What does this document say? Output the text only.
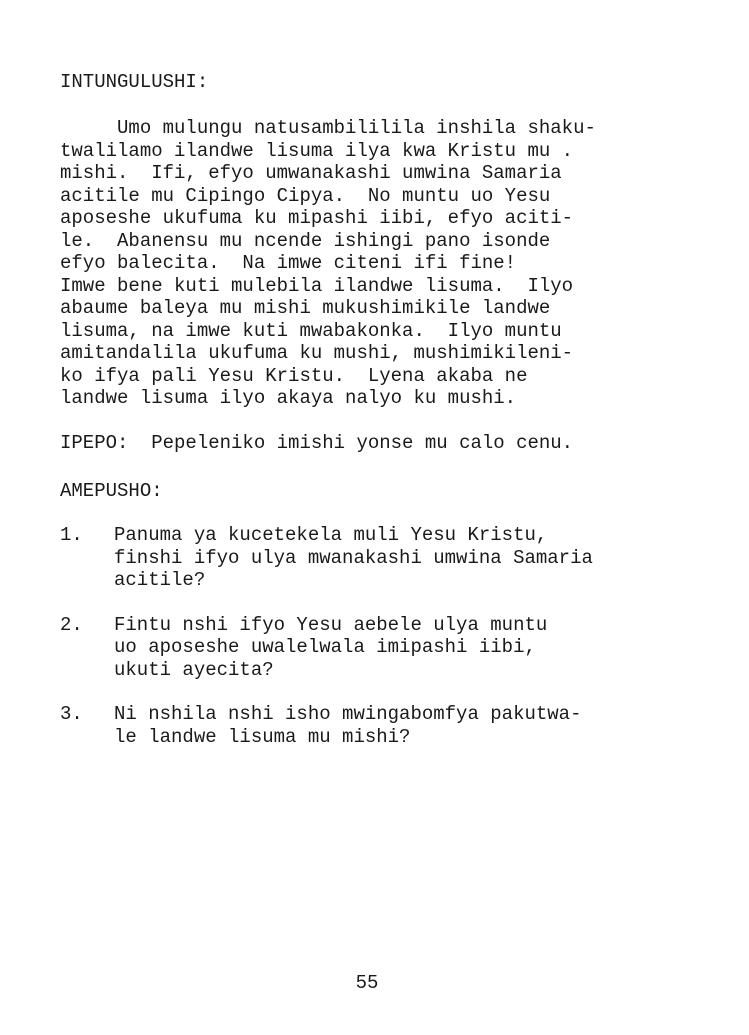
INTUNGULUSHI:
Umo mulungu natusambililila inshila shaku-
twalilamo ilandwe lisuma ilya kwa Kristu mu .
mishi.  Ifi, efyo umwanakashi umwina Samaria
acitile mu Cipingo Cipya.  No muntu uo Yesu
aposeshe ukufuma ku mipashi iibi, efyo aciti-
le.  Abanensu mu ncende ishingi pano isonde
efyo balecita.  Na imwe citeni ifi fine!
Imwe bene kuti mulebila ilandwe lisuma.  Ilyo
abaume baleya mu mishi mukushimikile landwe
lisuma, na imwe kuti mwabakonka.  Ilyo muntu
amitandalila ukufuma ku mushi, mushimikileni-
ko ifya pali Yesu Kristu.  Lyena akaba ne
landwe lisuma ilyo akaya nalyo ku mushi.

IPEPO:  Pepeleniko imishi yonse mu calo cenu.

AMEPUSHO:
1. Panuma ya kucetekela muli Yesu Kristu,
finshi ifyo ulya mwanakashi umwina Samaria
acitile?
2. Fintu nshi ifyo Yesu aebele ulya muntu
uo aposeshe uwalelwala imipashi iibi,
ukuti ayecita?
3. Ni nshila nshi isho mwingabomfya pakutwa-
le landwe lisuma mu mishi?
55
